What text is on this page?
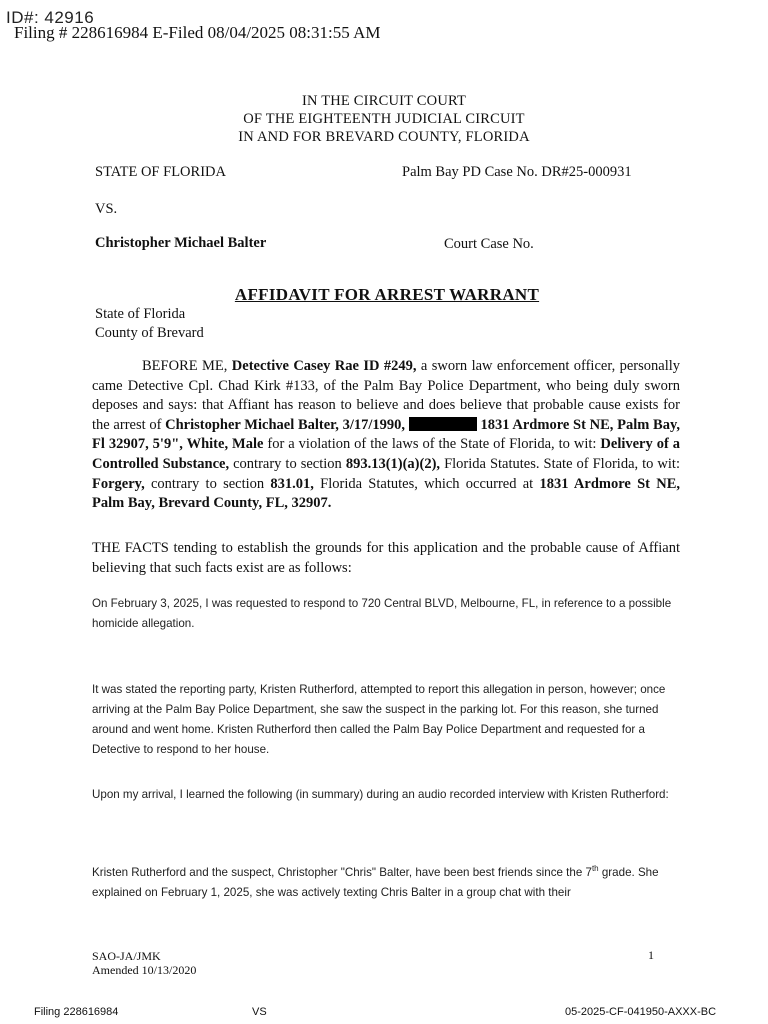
ID#: 42916
Filing # 228616984 E-Filed 08/04/2025 08:31:55 AM
IN THE CIRCUIT COURT
OF THE EIGHTEENTH JUDICIAL CIRCUIT
IN AND FOR BREVARD COUNTY, FLORIDA
STATE OF FLORIDA	Palm Bay PD Case No. DR#25-000931
VS.
Christopher Michael Balter	Court Case No.
AFFIDAVIT FOR ARREST WARRANT
State of Florida
County of Brevard

BEFORE ME, Detective Casey Rae ID #249, a sworn law enforcement officer, personally came Detective Cpl. Chad Kirk #133, of the Palm Bay Police Department, who being duly sworn deposes and says: that Affiant has reason to believe and does believe that probable cause exists for the arrest of Christopher Michael Balter, 3/17/1990,	1831 Ardmore St NE, Palm Bay, Fl 32907, 5'9", White, Male for a violation of the laws of the State of Florida, to wit: Delivery of a Controlled Substance, contrary to section 893.13(1)(a)(2), Florida Statutes. State of Florida, to wit: Forgery, contrary to section 831.01, Florida Statutes, which occurred at 1831 Ardmore St NE, Palm Bay, Brevard County, FL, 32907.

THE FACTS tending to establish the grounds for this application and the probable cause of Affiant believing that such facts exist are as follows:

On February 3, 2025, I was requested to respond to 720 Central BLVD, Melbourne, FL, in reference to a possible homicide allegation.
It was stated the reporting party, Kristen Rutherford, attempted to report this allegation in person, however; once arriving at the Palm Bay Police Department, she saw the suspect in the parking lot. For this reason, she turned around and went home. Kristen Rutherford then called the Palm Bay Police Department and requested for a Detective to respond to her house.
Upon my arrival, I learned the following (in summary) during an audio recorded interview with Kristen Rutherford:
Kristen Rutherford and the suspect, Christopher "Chris" Balter, have been best friends since the 7th grade. She explained on February 1, 2025, she was actively texting Chris Balter in a group chat with their
SAO-JA/JMK
Amended 10/13/2020
1
Filing 228616984	VS	05-2025-CF-041950-AXXX-BC
